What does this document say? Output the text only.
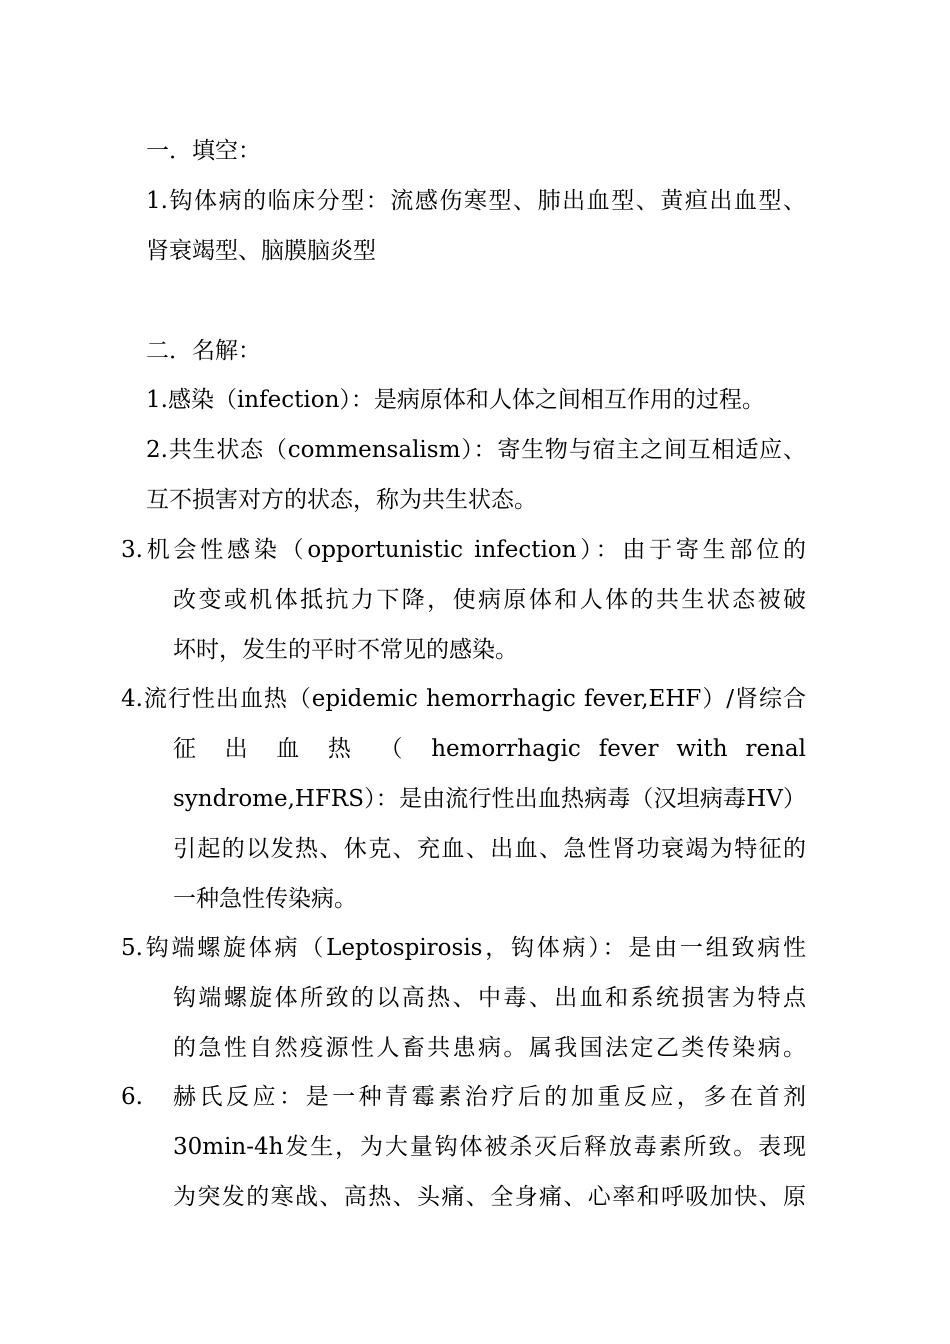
一．填空：
1.钩体病的临床分型：流感伤寒型、肺出血型、黄疸出血型、
肾衰竭型、脑膜脑炎型
二．名解：
1.感染（infection）：是病原体和人体之间相互作用的过程。
2.共生状态（commensalism）：寄生物与宿主之间互相适应、
互不损害对方的状态，称为共生状态。
3.机会性感染（opportunistic infection）：由于寄生部位的
改变或机体抵抗力下降，使病原体和人体的共生状态被破
坏时，发生的平时不常见的感染。
4.流行性出血热（epidemic hemorrhagic fever,EHF）/肾综合
征 出 血 热 （ hemorrhagic fever with renal
syndrome,HFRS）：是由流行性出血热病毒（汉坦病毒HV）
引起的以发热、休克、充血、出血、急性肾功衰竭为特征的
一种急性传染病。
5.钩端螺旋体病（Leptospirosis，钩体病）：是由一组致病性
钩端螺旋体所致的以高热、中毒、出血和系统损害为特点
的急性自然疫源性人畜共患病。属我国法定乙类传染病。
6.　赫氏反应：是一种青霉素治疗后的加重反应，多在首剂
30min-4h发生，为大量钩体被杀灭后释放毒素所致。表现
为突发的寒战、高热、头痛、全身痛、心率和呼吸加快、原
